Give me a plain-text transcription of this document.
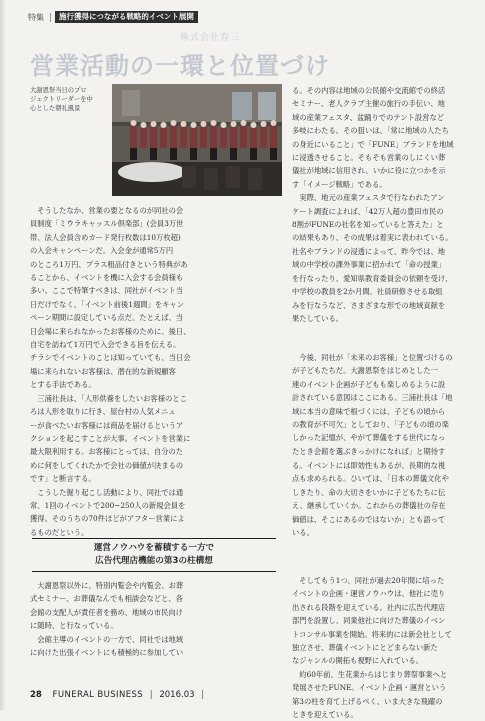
特集	施行獲得につながる戦略的イベント展開
株式会社春三
営業活動の一環と位置づけ
大謝恩祭当日のプロ
ジェクトリーダーを中
心とした朝礼風景
　そうしたなか、営業の要となるのが同社の会
員制度「ミウラキャッスル倶楽部」(会員3万世
帯、法人会員含めカード発行枚数は10万枚超)
の入会キャンペーンだ。入会金が通常5万円
のところ1万円、プラス粗品付きという特典があ
ることから、イベントを機に入会する会員様も
多い。ここで特筆すべきは、同社がイベント当
日だけでなく、「イベント前後1週間」をキャン
ペーン期間に設定している点だ。たとえば、当
日会場に来られなかったお客様のために、後日、
自宅を訪ねて1万円で入会できる旨を伝える。
チラシでイベントのことは知っていても、当日会
場に来られないお客様は、潜在的な新規顧客
とする手法である。
　三浦社長は、「人形供養をしたいお客様のとこ
ろは人形を取りに行き、屋台村の人気メニュ
ーが食べたいお客様には商品を届けるというア
クションを起こすことが大事。イベントを営業に
最大限利用する。お客様にとっては、自分のた
めに何をしてくれたかで会社の価値が決まるの
です」と断言する。
　こうした掘り起こし活動により、同社では通
常、1回のイベントで200~250人の新規会員を
獲得。そのうちの70件ほどがアフター営業によ
るものだという。
運営ノウハウを蓄積する一方で
広告代理店機能の第3の柱構想
　大謝恩祭以外に、特別内覧会や内覧会、お葬
式セミナー、お葬儀なんでも相談会などと、各
会館の支配人が責任者を務め、地域の市民向け
に随時、と行なっている。
　会館主導のイベントの一方で、同社では地域
に向けた出張イベントにも積極的に参加してい
る。その内容は地域の公民館や交流館での終活
セミナー、老人クラブ主催の旅行の手伝い、地
域の産業フェスタ、盆踊りでのテント設営など
多岐にわたる。その狙いは、「常に地域の人たち
の身近にいること」で「FUNE」ブランドを地域
に浸透させること。そもそも営業のしにくい葬
儀社が地域に信用され、いかに役に立つかを示
す「イメージ戦略」である。
　実際、地元の産業フェスタで行なわれたアン
ケート調査によれば、「42万人超の豊田市民の
8割がFUNEの社名を知っていると答えた」と
の結果もあり、その成果は着実に表われている。
社名やブランドの浸透によって、昨今では、地
域の中学校の課外事業に招かれて「命の授業」
を行なったり、愛知県教育委員会の依頼を受け、
中学校の教員を2か月間、社員研修させる取組
みを行なうなど、さまざまな形での地域貢献を
果たしている。
　今後、同社が「未来のお客様」と位置づけるの
が子どもたちだ。大謝恩祭をはじめとした一
連のイベント企画が子どもも楽しめるように設
計されている意図はここにある。三浦社長は「地
域に本当の意味で根づくには、子どもの頃から
の教育が不可欠」としており、「子どもの頃の楽
しかった記憶が、やがて葬儀をする世代になっ
たとき会館を選ぶきっかけになれば」と期待す
る。イベントには即効性もあるが、長期的な視
点も求められる。ひいては、「日本の葬儀文化や
しきたり、命の大切さをいかに子どもたちに伝
え、継承していくか。これからの葬儀社の存在
価値は、そこにあるのではないか」とも語って
いる。
　そしてもう1つ、同社が過去20年間に培った
イベントの企画・運営ノウハウは、他社に売り
出される段階を迎えている。社内に広告代理店
部門を設置し、同業他社に向けた葬儀のイベン
トコンサル事業を開始。将来的には新会社として
独立させ、葬儀イベントにとどまらない新た
なジャンルの開拓も視野に入れている。
　約60年前、生花業からはじまり葬祭事業へと
発展させたFUNE。イベント企画・運営という
第3の柱を育て上げるべく、いま大きな飛躍の
ときを迎えている。
28 FUNERAL BUSINESS | 2016.03 |
